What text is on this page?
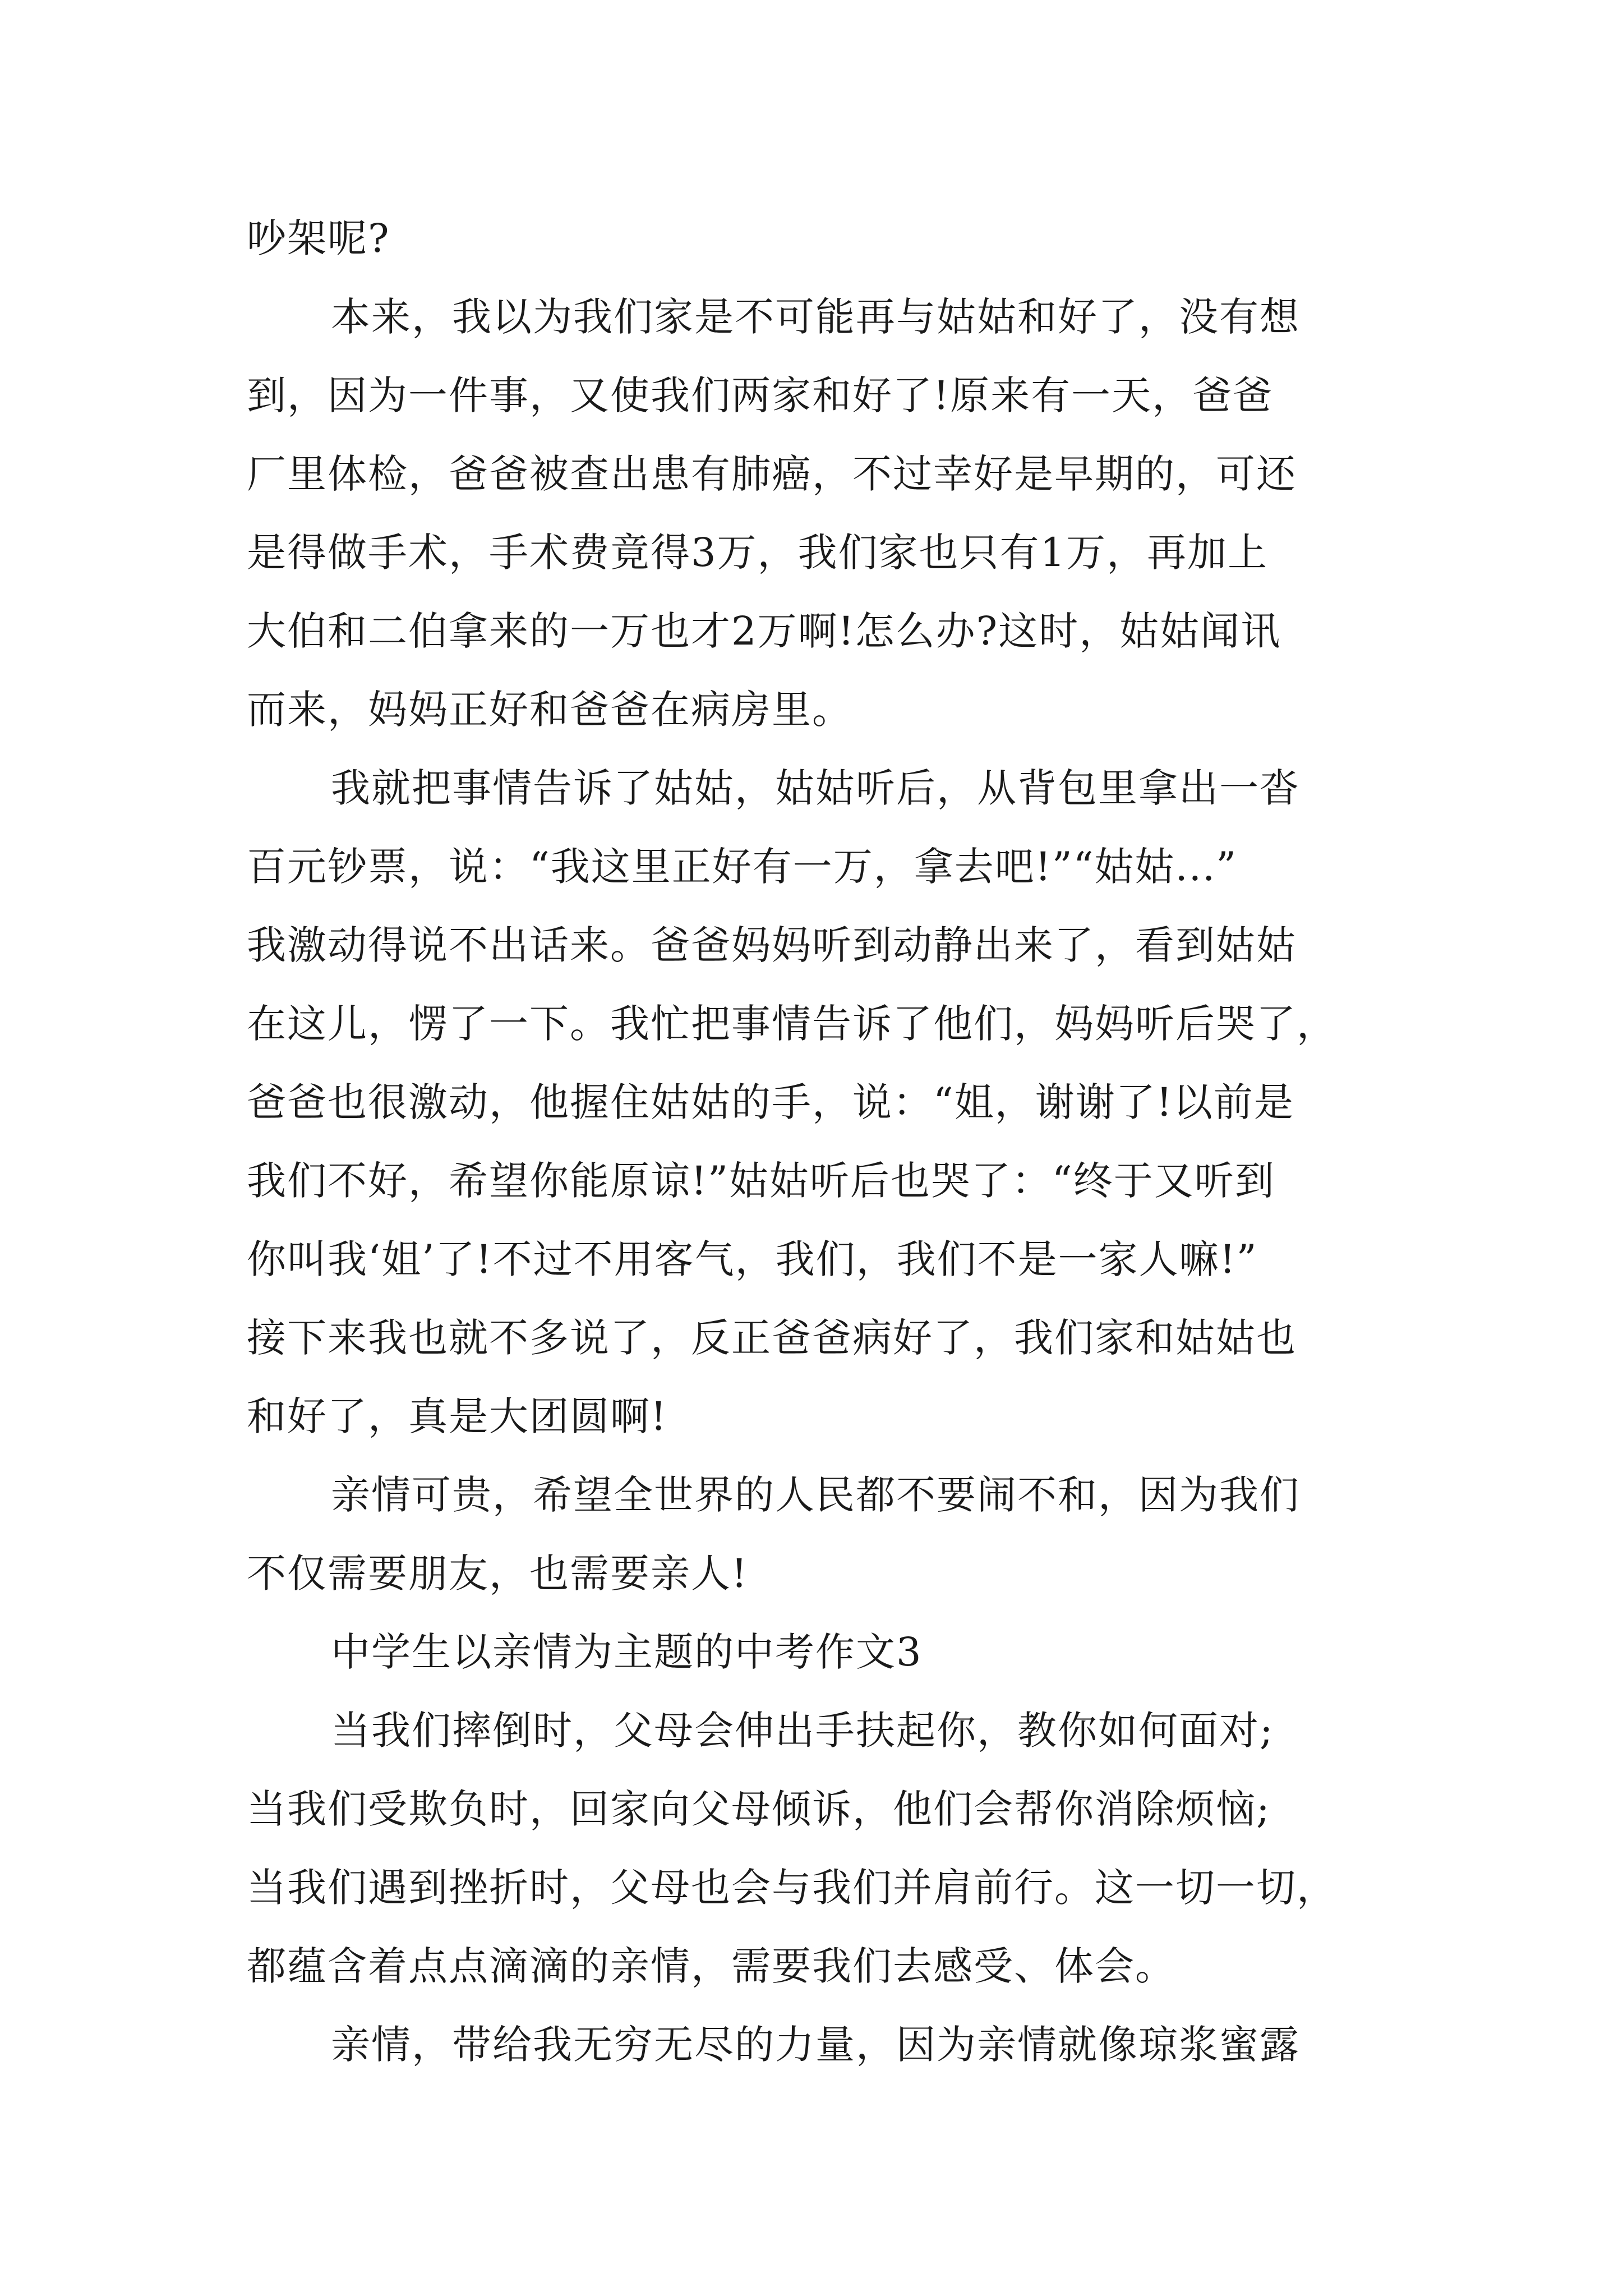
吵架呢?
本来，我以为我们家是不可能再与姑姑和好了，没有想
到，因为一件事，又使我们两家和好了!原来有一天，爸爸
厂里体检，爸爸被查出患有肺癌，不过幸好是早期的，可还
是得做手术，手术费竟得3万，我们家也只有1万，再加上
大伯和二伯拿来的一万也才2万啊!怎么办?这时，姑姑闻讯
而来，妈妈正好和爸爸在病房里。
我就把事情告诉了姑姑，姑姑听后，从背包里拿出一沓
百元钞票，说：“我这里正好有一万，拿去吧!”“姑姑...”
我激动得说不出话来。爸爸妈妈听到动静出来了，看到姑姑
在这儿，愣了一下。我忙把事情告诉了他们，妈妈听后哭了，
爸爸也很激动，他握住姑姑的手，说：“姐，谢谢了!以前是
我们不好，希望你能原谅!”姑姑听后也哭了：“终于又听到
你叫我‘姐’了!不过不用客气，我们，我们不是一家人嘛!”
接下来我也就不多说了，反正爸爸病好了，我们家和姑姑也
和好了，真是大团圆啊!
亲情可贵，希望全世界的人民都不要闹不和，因为我们
不仅需要朋友，也需要亲人!
中学生以亲情为主题的中考作文3
当我们摔倒时，父母会伸出手扶起你，教你如何面对;
当我们受欺负时，回家向父母倾诉，他们会帮你消除烦恼;
当我们遇到挫折时，父母也会与我们并肩前行。这一切一切，
都蕴含着点点滴滴的亲情，需要我们去感受、体会。
亲情，带给我无穷无尽的力量，因为亲情就像琼浆蜜露
